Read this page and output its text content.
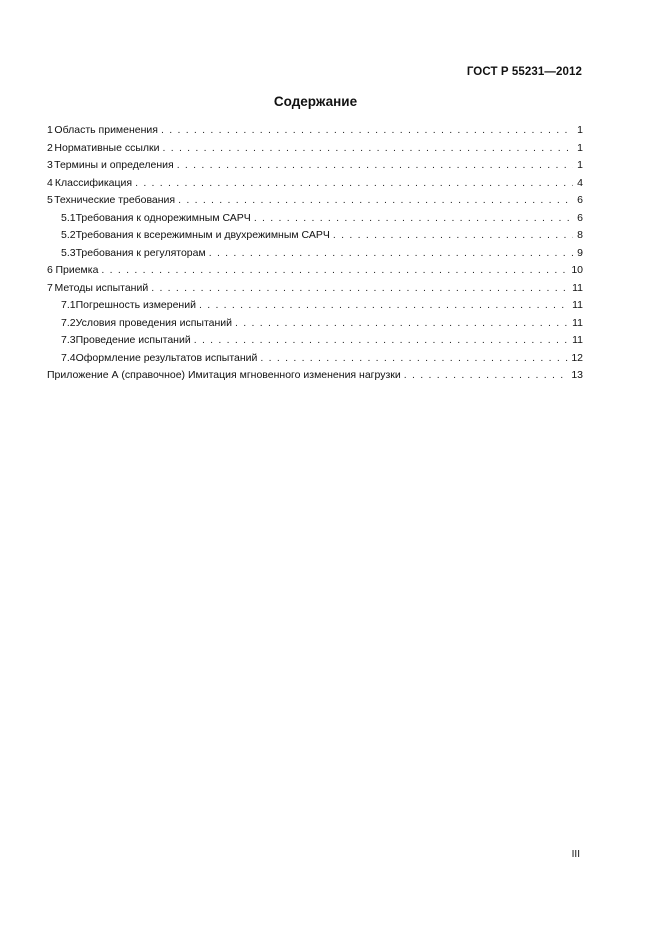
ГОСТ Р 55231—2012
Содержание
1 Область применения . . .	1
2 Нормативные ссылки . . .	1
3 Термины и определения . . .	1
4 Классификация . . .	4
5 Технические требования . . .	6
5.1 Требования к однорежимным САРЧ . . .	6
5.2 Требования к всережимным и двухрежимным САРЧ . . .	8
5.3 Требования к регуляторам . . .	9
6 Приемка . . .	10
7 Методы испытаний . . .	11
7.1 Погрешность измерений . . .	11
7.2 Условия проведения испытаний . . .	11
7.3 Проведение испытаний . . .	11
7.4 Оформление результатов испытаний . . .	12
Приложение А (справочное) Имитация мгновенного изменения нагрузки . . .	13
III
